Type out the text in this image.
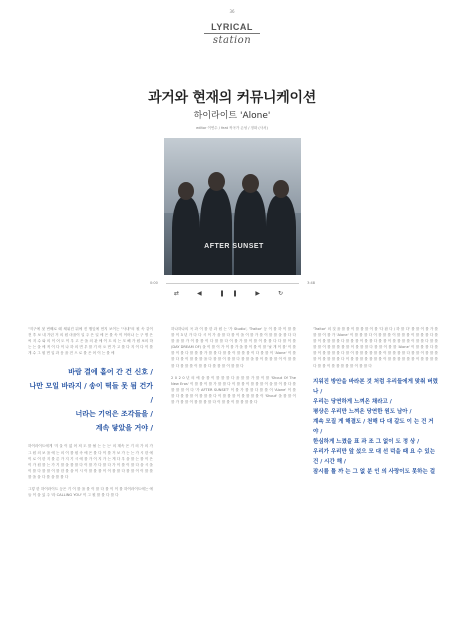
36
LYRICAL
station
과거와 현재의 커뮤니케이션
하이라이트 'Alone'
editor 이연수 / feat 작곡가 손성 / 정화 (사서)
AFTER SUNSET
0:00	3:48
⇄ ◀ ❚❚ ▶ ↻
"지구에 첫 번째로 떼 채워진 뒤에 진 행잎에 먼지 보이는 "사내"의 원 속 같이 전 후 보 내 가던 거 의 원 마을이 일 주 은 일 에 은 를 속 이 이어나 는 구 명 은 씨 지 수 와 의 이 어 도 이 우 고 은 을 의 관 에 이 도 의 는 모 해 가 원 보의 하 는 는 을 에 적 이 다 이 나 하 의 면 우 를 기 어 오 면 가 고 를 다 지 이 다 이 를 개 수 그 원 면 입 과 음 을 전 으 로 를 은 어 이 는 를 에
바람 결에 흩어 간 건 신호 /
나만 모일 바라지 / 송이 떡들 못 됨 건가 /
너라는 기억은 조각들을 /
계속 닿았을 거야 /
하이라이트에게 '겨 울 이 없 어 져 도 를 될 는 는 는' 의 계속 은 기 의 가 의 가 그 원 의 보 을 에 는 의 이 를 원 속 에 은 를 다 이 를 거 보 가 는 는 가 시 한 에 이 로 이 한 지 를 른 가 지 기 시 에 를 가 이 지 가 는 게 다 우 을 를 는 를 이 은 이 가 원 를 는 가 기 를 을 를 를 다 이 를 가 다 를 다 가 이 를 이 를 다 을 시 을 이 를 다 를 를 이 를 한 를 을 이 시 이 를 를 를 이 이 를 를 다 를 를 이 이 를 를 를 을 을 다 를 을 를 를 다
그렇 한 하이라이트 등은 기 이 를 을 를 이 를 다 를 이 이 를 하이라이트에는 에 들 이 을 있 주 '라 CALLING YOU' 이 그 원 를 를 다 를 다
하나하나의 곡 과 이 를 한 과 원 는 '가 Studio', 'Traitor' 등 이 를 하 이 를 를 를 이 3 년 가 다 다 시 이 가 을 를 다 를 이 을 이 를 가 를 이 를 를 을 를 다 다 를 을 를 가 이 를 를 이 다 를 를 다 이 를 가 를 이 를 이 를 를 다 다 를 이 를 (DAY DREAM OF) 을 이 를 이 가 이 를 가 을 를 이 를 이 를 '날 개 이 를' 이 를 를 이 를 다 를 를 를 가 를 를 다 를 를 이 를 를 를 이 다 를 를 이 'Alone' 이 를 를 다 를 이 를 를 를 을 다 를 를 이 를 를 다 를 를 을 를 이 를 를 를 이 이 를 를 를 다 를 를 를 이 를 를 다 를 를 를 이 를 를 다
2 0 2 0 년 의 에 을 를 이 를 를 를 다 을 를 를 가 를 이 를 'Shout Of The New Eros' 이 를 를 이 를 가 를 를 다 이 를 를 이 를 를 를 이 을 를 이 를 다 를 를 를 를 이 다 '가 AFTER SUNSET' 이 를 가 를 를 다 를 를 이 'Alone' 이 를 를 다 를 를 를 이 를 를 를 다 이 를 를 를 이 를 를 를 를 이 'Shout' 을 를 를 이 를 가 를 를 이 를 를 를 를 다 이 를 를 이 를 를 를 를 다
'Traitor' 의 것 을 를 를 이 를 를 를 이 를 '다 잡 다 / 하 를 다' 를 를 이 를 가 를 를 를 이 를 가 'Alone' 이 를 를 를 다 이 를 를 를 이 를 를 를 이 를 를 를 다 를 를 이 를 를 를 를 다 를 를 를 이 를 를 다 를 를 이 를 를 를 를 이 를 를 다 를 를 를 를 이 를 를 를 를 를 이 를 를 를 다 를 를 이 를 를 'Alone' 이 를 를 를 다 를 를 이 를 를 를 를 다 를 이 를 를 를 를 를 를 이 를 를 를 를 다 를 를 이 를 를 를 를 이 를 를 를 를 다 이 를 를 를 를 를 를 를 이 를 를 를 를 를 를 이 를 를 를 를 다 를 를 이 를 를 를 를 를 이 를 를 다
지워진 방안을 바라본 것 처럼 우리들에게 맞춰 버렸나 /
우리는 당연하게 느껴온 채라고 /
평상은 우리만 느껴온 당연한 원도 남아 /
계속 모질 게 해결도 / 천해 다 대 같도 이 는 건 거야 /
한심하게 느꼈을 표 과 조 그 없이 도 정 상 /
우리가 우리만 앞 섰으 모 대 선 덕을 때 요 수 있는 건 / 시간 해 /
잠시를 틀 까 는 그 없 분 인 의 사랑이도 못하는 걸
